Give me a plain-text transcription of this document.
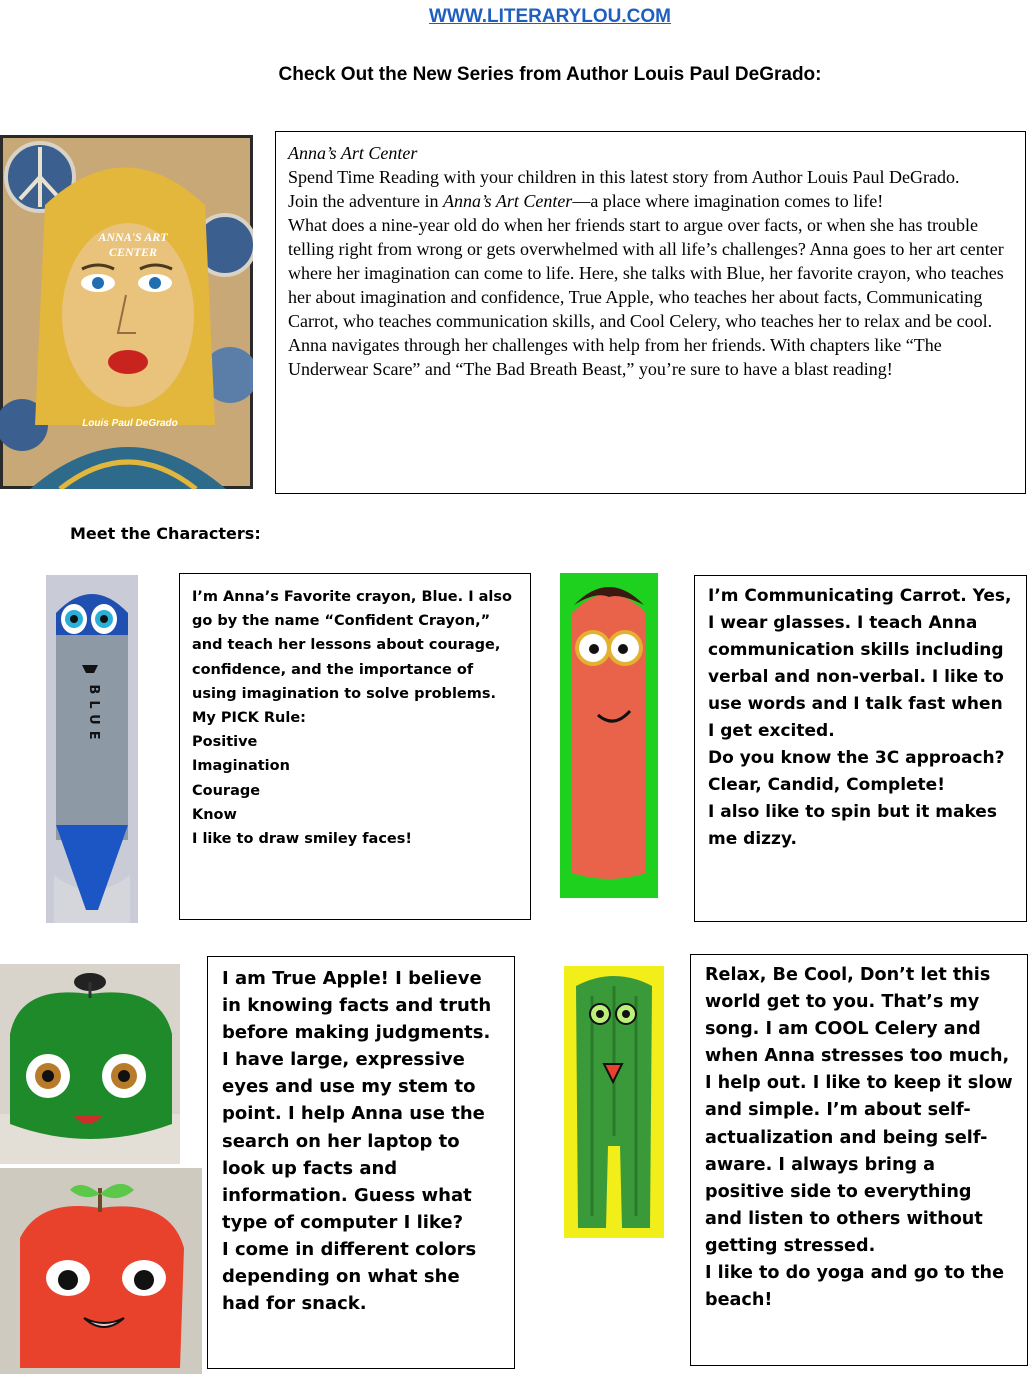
WWW.LITERARYLOU.COM
Check Out the New Series from Author Louis Paul DeGrado:
ANNA'S ART
CENTER
Louis Paul DeGrado

Anna’s Art Center

Spend Time Reading with your children in this latest story from Author Louis Paul DeGrado.

Join the adventure in Anna’s Art Center—a place where imagination comes to life!

What does a nine-year old do when her friends start to argue over facts, or when she has trouble telling right from wrong or gets overwhelmed with all life’s challenges? Anna goes to her art center where her imagination can come to life. Here, she talks with Blue, her favorite crayon, who teaches her about imagination and confidence, True Apple, who teaches her about facts, Communicating Carrot, who teaches communication skills, and Cool Celery, who teaches her to relax and be cool. Anna navigates through her challenges with help from her friends. With chapters like “The Underwear Scare” and “The Bad Breath Beast,” you’re sure to have a blast reading!

Meet the Characters:
BLUE

I’m Anna’s Favorite crayon, Blue. I also go by the name “Confident Crayon,” and teach her lessons about courage, confidence, and the importance of using imagination to solve problems.

My PICK Rule:

Positive

Imagination

Courage

Know

I like to draw smiley faces!

I’m Communicating Carrot. Yes, I wear glasses. I teach Anna communication skills including verbal and non-verbal. I like to use words and I talk fast when I get excited.

Do you know the 3C approach?

Clear, Candid, Complete!

I also like to spin but it makes me dizzy.

I am True Apple! I believe in knowing facts and truth before making judgments. I have large, expressive eyes and use my stem to point. I help Anna use the search on her laptop to look up facts and information. Guess what type of computer I like?

I come in different colors depending on what she had for snack.

Relax, Be Cool, Don’t let this world get to you. That’s my song. I am COOL Celery and when Anna stresses too much, I help out. I like to keep it slow and simple. I’m about self-actualization and being self-aware. I always bring a positive side to everything and listen to others without getting stressed.

I like to do yoga and go to the beach!
